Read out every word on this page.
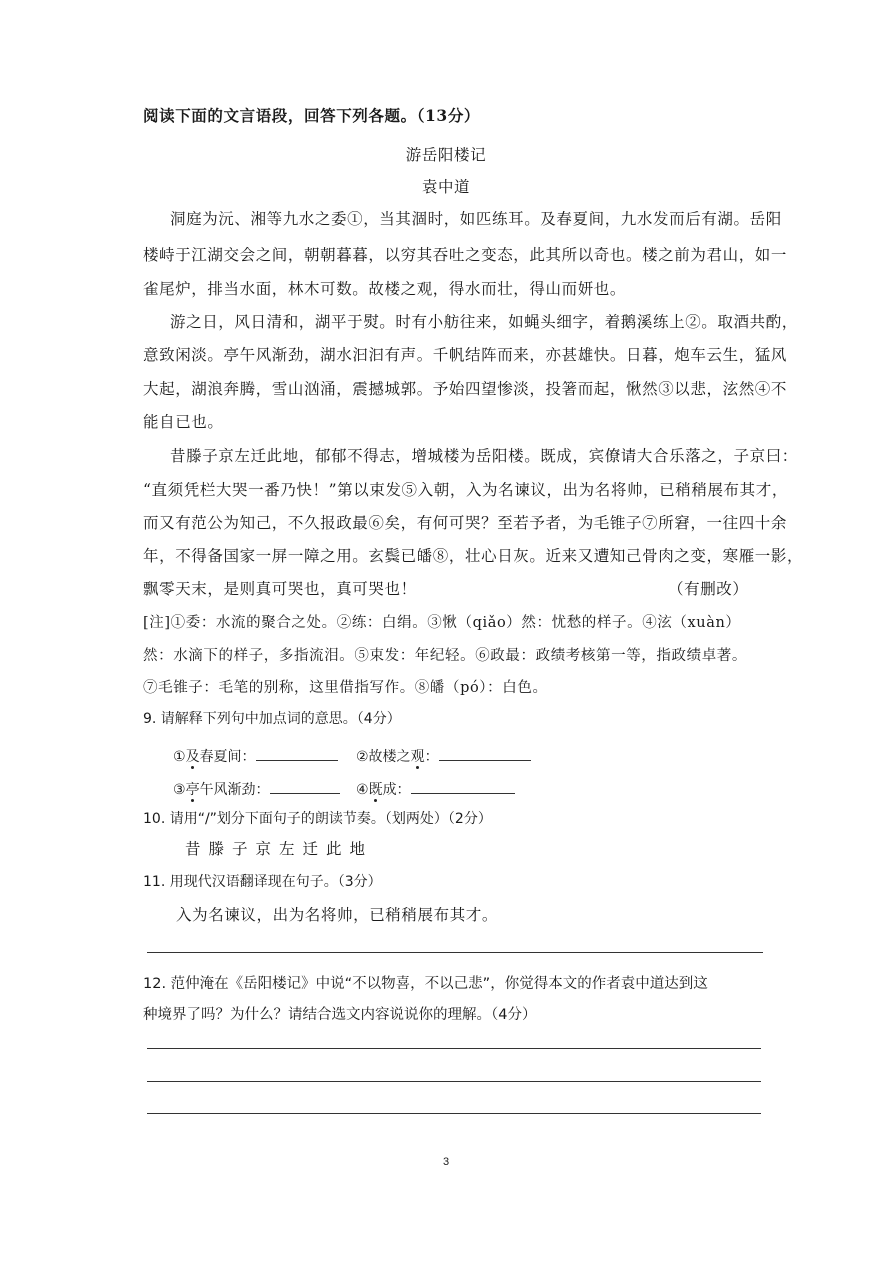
阅读下面的文言语段，回答下列各题。（13分）
游岳阳楼记
袁中道
洞庭为沅、湘等九水之委①，当其涸时，如匹练耳。及春夏间，九水发而后有湖。岳阳
楼峙于江湖交会之间，朝朝暮暮，以穷其吞吐之变态，此其所以奇也。楼之前为君山，如一
雀尾炉，排当水面，林木可数。故楼之观，得水而壮，得山而妍也。
游之日，风日清和，湖平于熨。时有小舫往来，如蝇头细字，着鹅溪练上②。取酒共酌，
意致闲淡。亭午风渐劲，湖水汩汩有声。千帆结阵而来，亦甚雄快。日暮，炮车云生，猛风
大起，湖浪奔腾，雪山汹涌，震撼城郭。予始四望惨淡，投箸而起，愀然③以悲，泫然④不
能自已也。
昔滕子京左迁此地，郁郁不得志，增城楼为岳阳楼。既成，宾僚请大合乐落之，子京曰：
“直须凭栏大哭一番乃快！”第以束发⑤入朝，入为名谏议，出为名将帅，已稍稍展布其才，
而又有范公为知己，不久报政最⑥矣，有何可哭？至若予者，为毛锥子⑦所窘，一往四十余
年，不得备国家一屏一障之用。玄鬓已皤⑧，壮心日灰。近来又遭知己骨肉之变，寒雁一影，
飘零天末，是则真可哭也，真可哭也！	（有删改）
[注]①委：水流的聚合之处。②练：白绢。③愀（qiǎo）然：忧愁的样子。④泫（xuàn）
然：水滴下的样子，多指流泪。⑤束发：年纪轻。⑥政最：政绩考核第一等，指政绩卓著。
⑦毛锥子：毛笔的别称，这里借指写作。⑧皤（pó）：白色。
9. 请解释下列句中加点词的意思。（4分）
①及春夏间：	②故楼之观：
③亭午风渐劲：	④既成：
10. 请用“/”划分下面句子的朗读节奏。（划两处）（2分）
昔滕子京左迁此地
11. 用现代汉语翻译现在句子。（3分）
入为名谏议，出为名将帅，已稍稍展布其才。
12. 范仲淹在《岳阳楼记》中说“不以物喜，不以己悲”，你觉得本文的作者袁中道达到这
种境界了吗？为什么？请结合选文内容说说你的理解。（4分）
3
